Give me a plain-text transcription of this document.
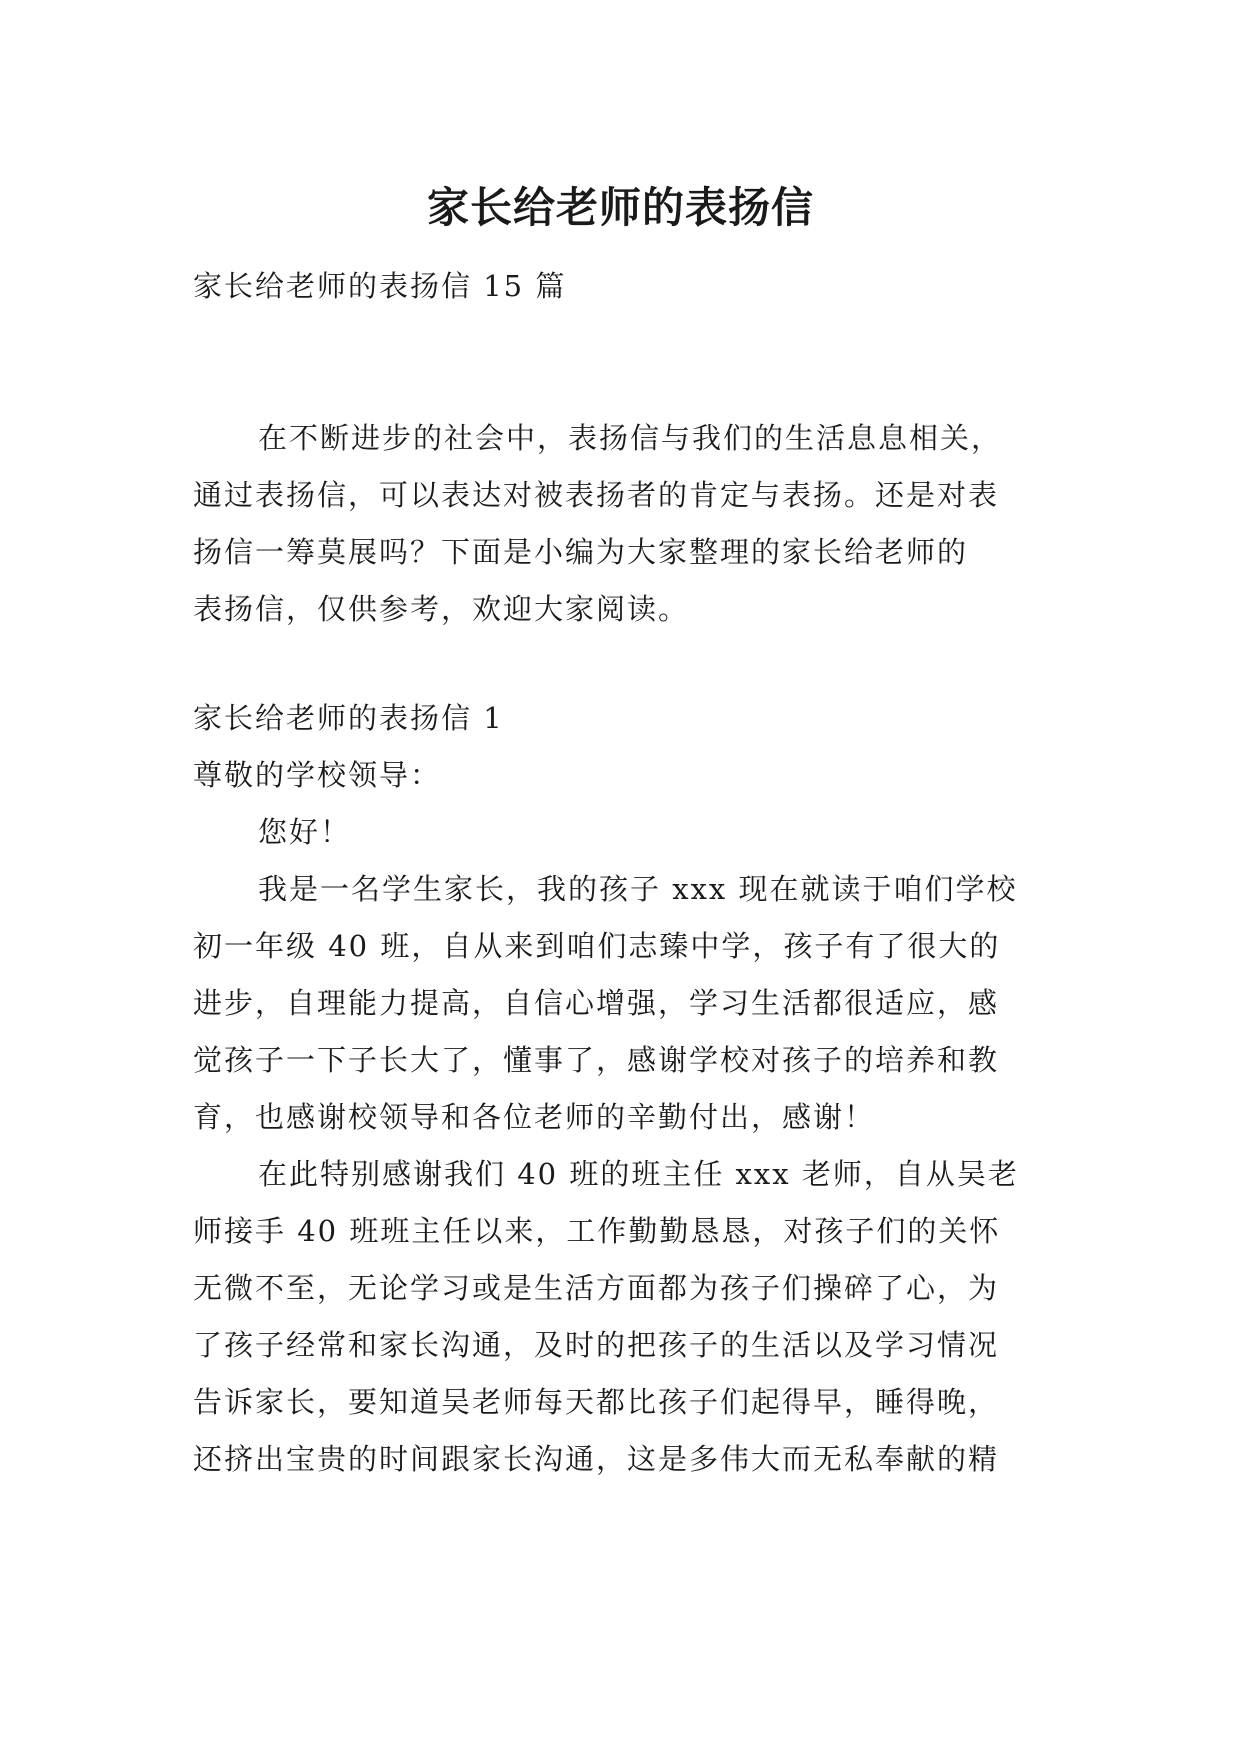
家长给老师的表扬信

家长给老师的表扬信 15 篇

在不断进步的社会中，表扬信与我们的生活息息相关，

通过表扬信，可以表达对被表扬者的肯定与表扬。还是对表

扬信一筹莫展吗？下面是小编为大家整理的家长给老师的

表扬信，仅供参考，欢迎大家阅读。

家长给老师的表扬信 1

尊敬的学校领导：

您好！

我是一名学生家长，我的孩子 xxx 现在就读于咱们学校

初一年级 40 班，自从来到咱们志臻中学，孩子有了很大的

进步，自理能力提高，自信心增强，学习生活都很适应，感

觉孩子一下子长大了，懂事了，感谢学校对孩子的培养和教

育，也感谢校领导和各位老师的辛勤付出，感谢！

在此特别感谢我们 40 班的班主任 xxx 老师，自从吴老

师接手 40 班班主任以来，工作勤勤恳恳，对孩子们的关怀

无微不至，无论学习或是生活方面都为孩子们操碎了心，为

了孩子经常和家长沟通，及时的把孩子的生活以及学习情况

告诉家长，要知道吴老师每天都比孩子们起得早，睡得晚，

还挤出宝贵的时间跟家长沟通，这是多伟大而无私奉献的精
